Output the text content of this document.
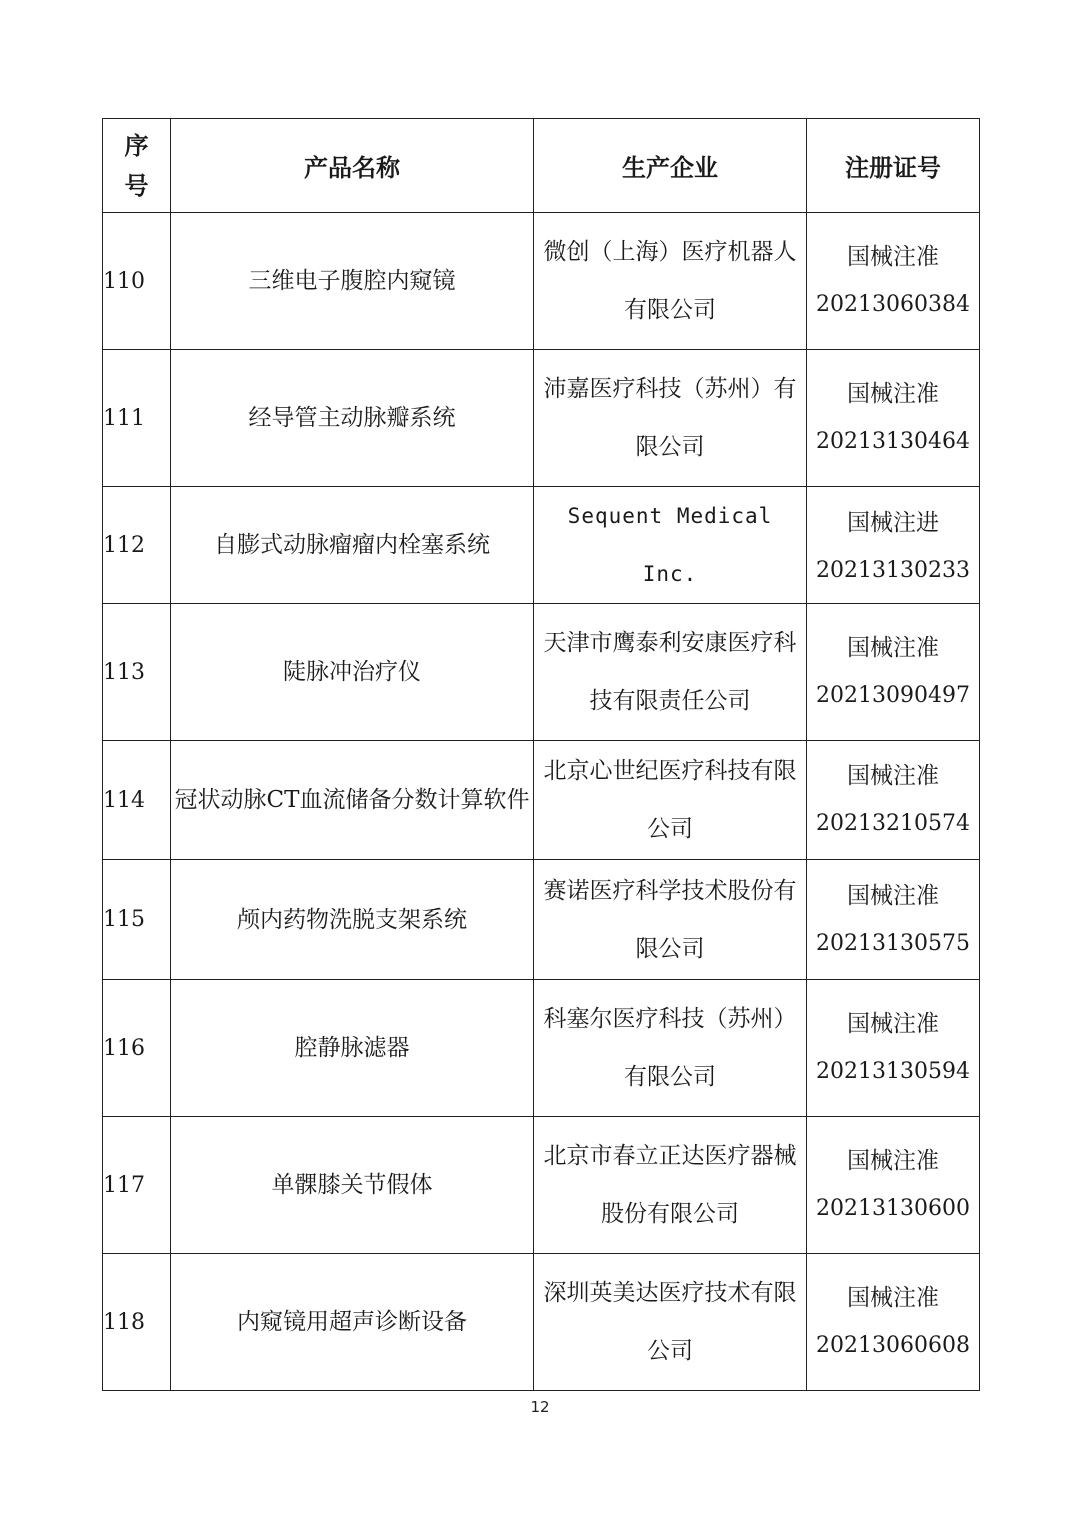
序
号	产品名称	生产企业	注册证号
110	三维电子腹腔内窥镜	微创（上海）医疗机器人有限公司	国械注准
20213060384

111	经导管主动脉瓣系统	沛嘉医疗科技（苏州）有限公司	国械注准
20213130464

112	自膨式动脉瘤瘤内栓塞系统	Sequent Medical Inc.	国械注进
20213130233

113	陡脉冲治疗仪	天津市鹰泰利安康医疗科技有限责任公司	国械注准
20213090497

114	冠状动脉CT血流储备分数计算软件	北京心世纪医疗科技有限公司	国械注准
20213210574

115	颅内药物洗脱支架系统	赛诺医疗科学技术股份有限公司	国械注准
20213130575

116	腔静脉滤器	科塞尔医疗科技（苏州）有限公司	国械注准
20213130594

117	单髁膝关节假体	北京市春立正达医疗器械股份有限公司	国械注准
20213130600

118	内窥镜用超声诊断设备	深圳英美达医疗技术有限公司	国械注准
20213060608
12
